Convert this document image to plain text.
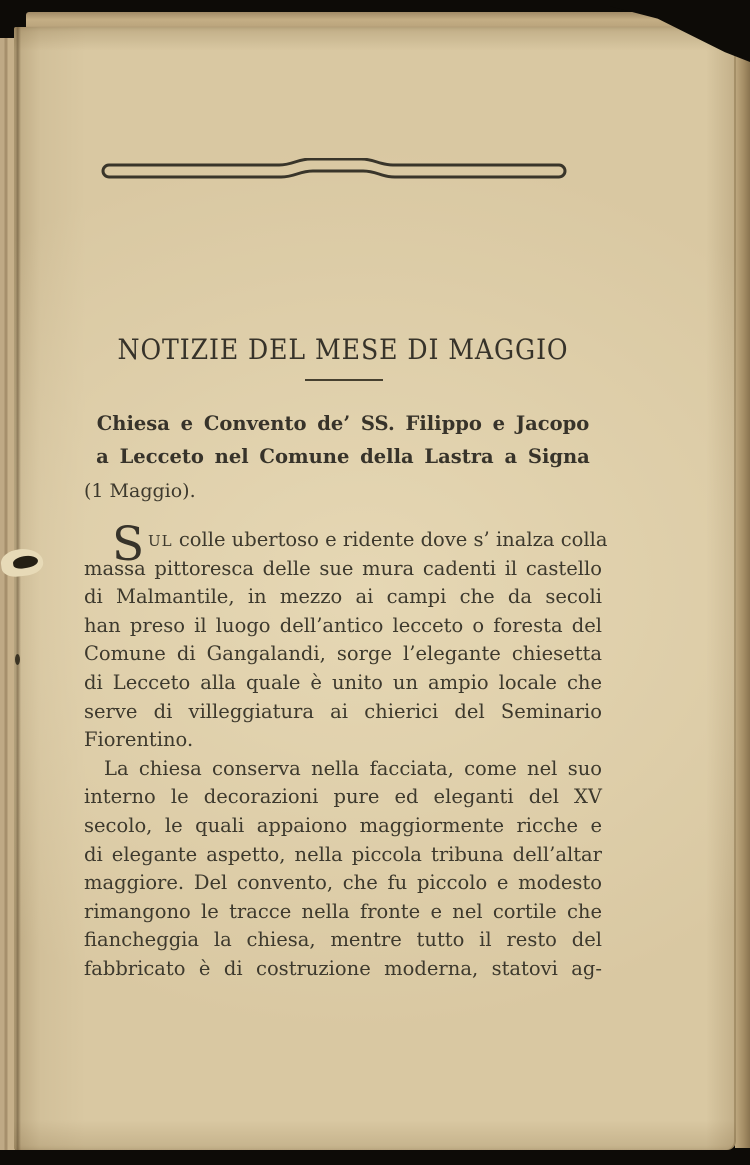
NOTIZIE DEL MESE DI MAGGIO
Chiesa e Convento de’ SS. Filippo e Jacopo
a Lecceto nel Comune della Lastra a Signa
(1 Maggio).
S UL colle ubertoso e ridente dove s’ inalza colla
massa pittoresca delle sue mura cadenti il castello
di Malmantile, in mezzo ai campi che da secoli
han preso il luogo dell’antico lecceto o foresta del
Comune di Gangalandi, sorge l’elegante chiesetta
di Lecceto alla quale è unito un ampio locale che
serve di villeggiatura ai chierici del Seminario
Fiorentino.
La chiesa conserva nella facciata, come nel suo
interno le decorazioni pure ed eleganti del XV
secolo, le quali appaiono maggiormente ricche e
di elegante aspetto, nella piccola tribuna dell’altar
maggiore. Del convento, che fu piccolo e modesto
rimangono le tracce nella fronte e nel cortile che
fiancheggia la chiesa, mentre tutto il resto del
fabbricato è di costruzione moderna, statovi ag-
